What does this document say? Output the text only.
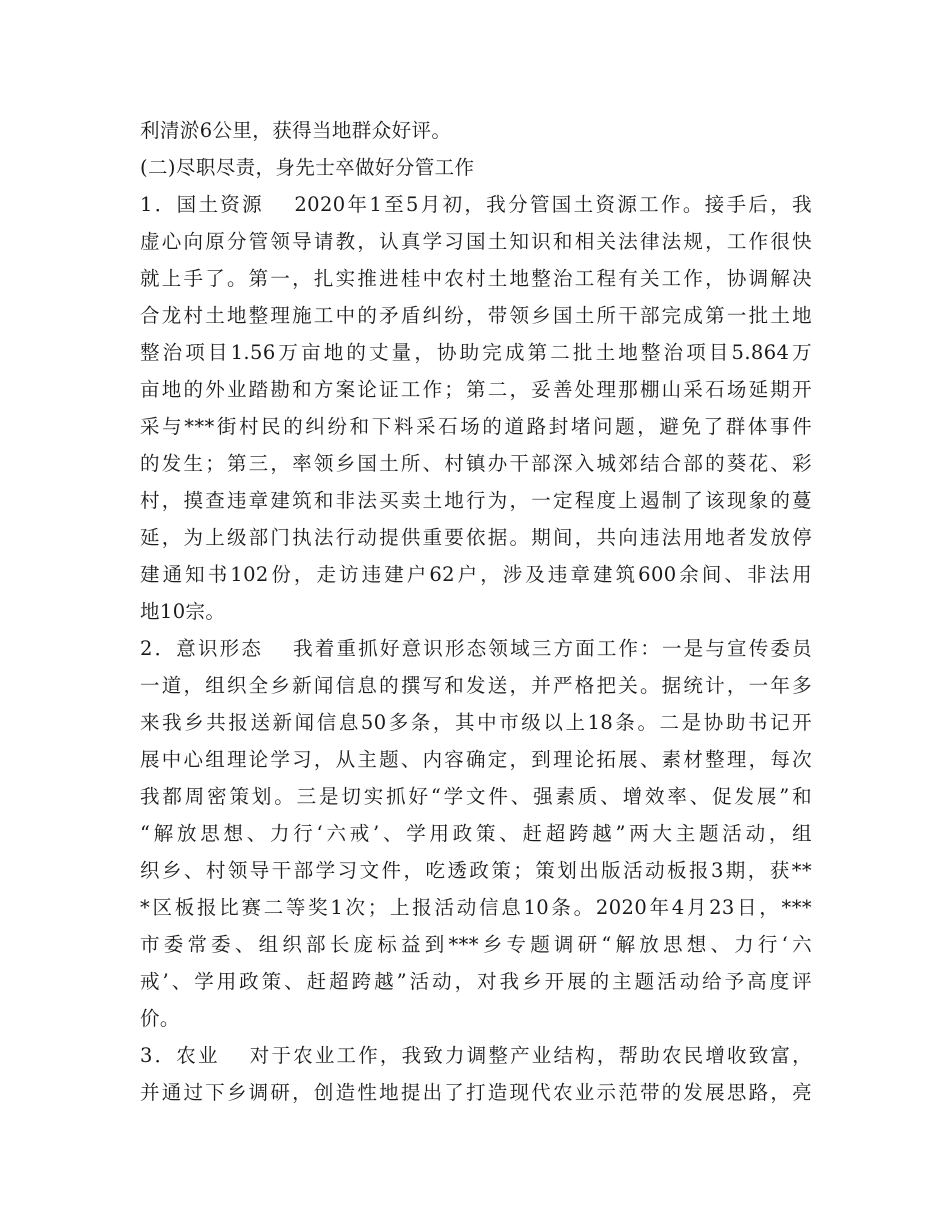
利清淤6公里，获得当地群众好评。
(二)尽职尽责，身先士卒做好分管工作
1．国土资源　 2020年1至5月初，我分管国土资源工作。接手后，我
虚心向原分管领导请教，认真学习国土知识和相关法律法规，工作很快
就上手了。第一，扎实推进桂中农村土地整治工程有关工作，协调解决
合龙村土地整理施工中的矛盾纠纷，带领乡国土所干部完成第一批土地
整治项目1.56万亩地的丈量，协助完成第二批土地整治项目5.864万
亩地的外业踏勘和方案论证工作；第二，妥善处理那棚山采石场延期开
采与***街村民的纠纷和下料采石场的道路封堵问题，避免了群体事件
的发生；第三，率领乡国土所、村镇办干部深入城郊结合部的葵花、彩
村，摸查违章建筑和非法买卖土地行为，一定程度上遏制了该现象的蔓
延，为上级部门执法行动提供重要依据。期间，共向违法用地者发放停
建通知书102份，走访违建户62户，涉及违章建筑600余间、非法用
地10宗。
2．意识形态　 我着重抓好意识形态领域三方面工作：一是与宣传委员
一道，组织全乡新闻信息的撰写和发送，并严格把关。据统计，一年多
来我乡共报送新闻信息50多条，其中市级以上18条。二是协助书记开
展中心组理论学习，从主题、内容确定，到理论拓展、素材整理，每次
我都周密策划。三是切实抓好“学文件、强素质、增效率、促发展”和
“解放思想、力行‘六戒’、学用政策、赶超跨越”两大主题活动，组
织乡、村领导干部学习文件，吃透政策；策划出版活动板报3期，获**
*区板报比赛二等奖1次；上报活动信息10条。2020年4月23日，***
市委常委、组织部长庞标益到***乡专题调研“解放思想、力行‘六
戒’、学用政策、赶超跨越”活动，对我乡开展的主题活动给予高度评
价。
3．农业　 对于农业工作，我致力调整产业结构，帮助农民增收致富，
并通过下乡调研，创造性地提出了打造现代农业示范带的发展思路，亮
